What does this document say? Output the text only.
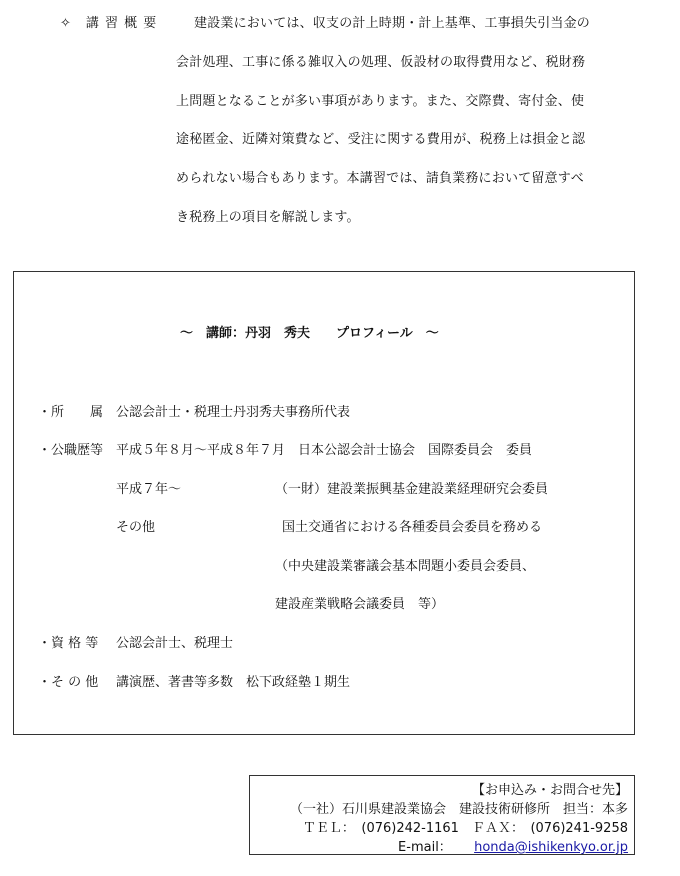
✧　講 習 概 要	建設業においては、収支の計上時期・計上基準、工事損失引当金の
会計処理、工事に係る雑収入の処理、仮設材の取得費用など、税財務
上問題となることが多い事項があります。また、交際費、寄付金、使
途秘匿金、近隣対策費など、受注に関する費用が、税務上は損金と認
められない場合もあります。本講習では、請負業務において留意すべ
き税務上の項目を解説します。
～　講師：丹羽　秀夫　　プロフィール　～
・所　　属 公認会計士・税理士丹羽秀夫事務所代表
・公職歴等 平成５年８月～平成８年７月　日本公認会計士協会　国際委員会　委員
平成７年～	（一財）建設業振興基金建設業経理研究会委員
その他	国土交通省における各種委員会委員を務める
（中央建設業審議会基本問題小委員会委員、
建設産業戦略会議委員　等）
・資 格 等 公認会計士、税理士
・そ の 他 講演歴、著書等多数　松下政経塾１期生
【お申込み・お問合せ先】
（一社）石川県建設業協会　建設技術研修所　担当：本多
ＴＥＬ：　(076)242-1161　ＦＡＸ：　(076)241-9258
E-mail： honda@ishikenkyo.or.jp
